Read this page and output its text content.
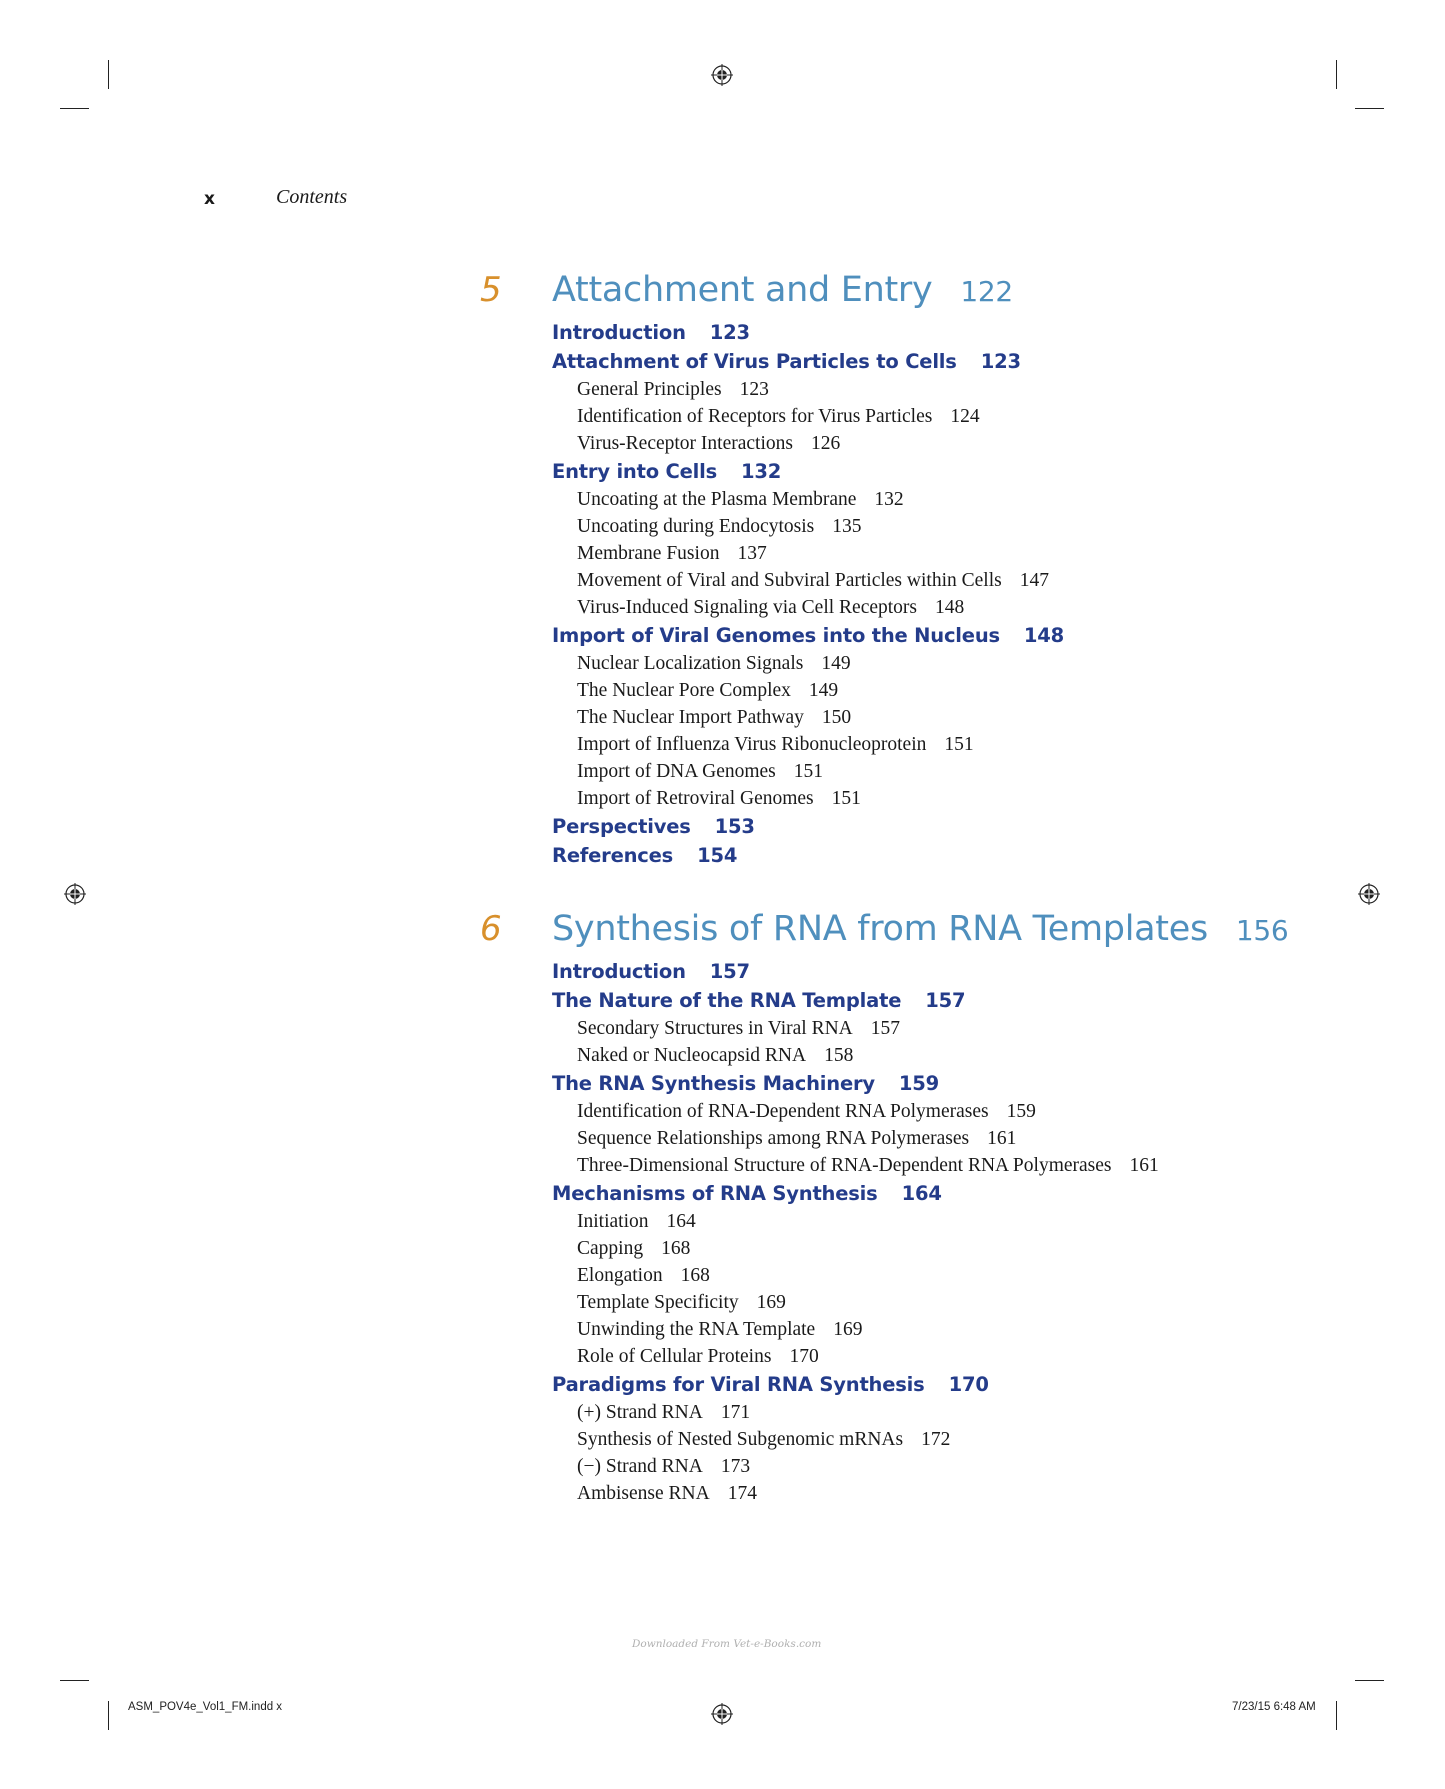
x	Contents
5 Attachment and Entry 122
Introduction 123
Attachment of Virus Particles to Cells 123
General Principles 123
Identification of Receptors for Virus Particles 124
Virus-Receptor Interactions 126
Entry into Cells 132
Uncoating at the Plasma Membrane 132
Uncoating during Endocytosis 135
Membrane Fusion 137
Movement of Viral and Subviral Particles within Cells 147
Virus-Induced Signaling via Cell Receptors 148
Import of Viral Genomes into the Nucleus 148
Nuclear Localization Signals 149
The Nuclear Pore Complex 149
The Nuclear Import Pathway 150
Import of Influenza Virus Ribonucleoprotein 151
Import of DNA Genomes 151
Import of Retroviral Genomes 151
Perspectives 153
References 154
6 Synthesis of RNA from RNA Templates 156
Introduction 157
The Nature of the RNA Template 157
Secondary Structures in Viral RNA 157
Naked or Nucleocapsid RNA 158
The RNA Synthesis Machinery 159
Identification of RNA-Dependent RNA Polymerases 159
Sequence Relationships among RNA Polymerases 161
Three-Dimensional Structure of RNA-Dependent RNA Polymerases 161
Mechanisms of RNA Synthesis 164
Initiation 164
Capping 168
Elongation 168
Template Specificity 169
Unwinding the RNA Template 169
Role of Cellular Proteins 170
Paradigms for Viral RNA Synthesis 170
(+) Strand RNA 171
Synthesis of Nested Subgenomic mRNAs 172
(−) Strand RNA 173
Ambisense RNA 174
Downloaded From Vet-e-Books.com
ASM_POV4e_Vol1_FM.indd x	7/23/15 6:48 AM
